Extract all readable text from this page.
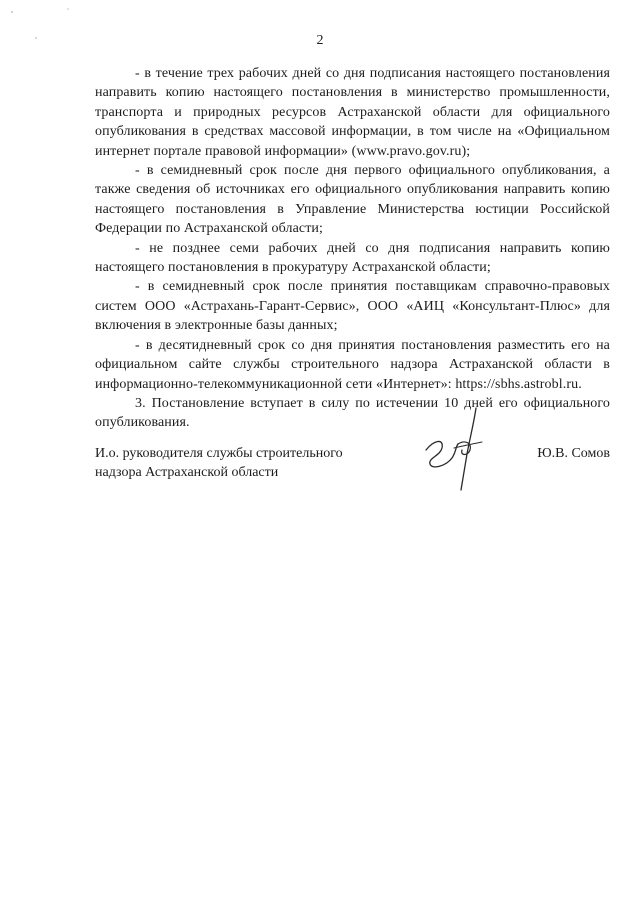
2

- в течение трех рабочих дней со дня подписания настоящего постановления направить копию настоящего постановления в министерство промышленности, транспорта и природных ресурсов Астраханской области для официального опубликования в средствах массовой информации, в том числе на «Официальном интернет портале правовой информации» (www.pravo.gov.ru);

- в семидневный срок после дня первого официального опубликования, а также сведения об источниках его официального опубликования направить копию настоящего постановления в Управление Министерства юстиции Российской Федерации по Астраханской области;

- не позднее семи рабочих дней со дня подписания направить копию настоящего постановления в прокуратуру Астраханской области;

- в семидневный срок после принятия поставщикам справочно-правовых систем ООО «Астрахань-Гарант-Сервис», ООО «АИЦ «Консультант-Плюс» для включения в электронные базы данных;

- в десятидневный срок со дня принятия постановления разместить его на официальном сайте службы строительного надзора Астраханской области в информационно-телекоммуникационной сети «Интернет»: https://sbhs.astrobl.ru.

3. Постановление вступает в силу по истечении 10 дней его официального опубликования.

И.о. руководителя службы строительного
надзора Астраханской области
Ю.В. Сомов
